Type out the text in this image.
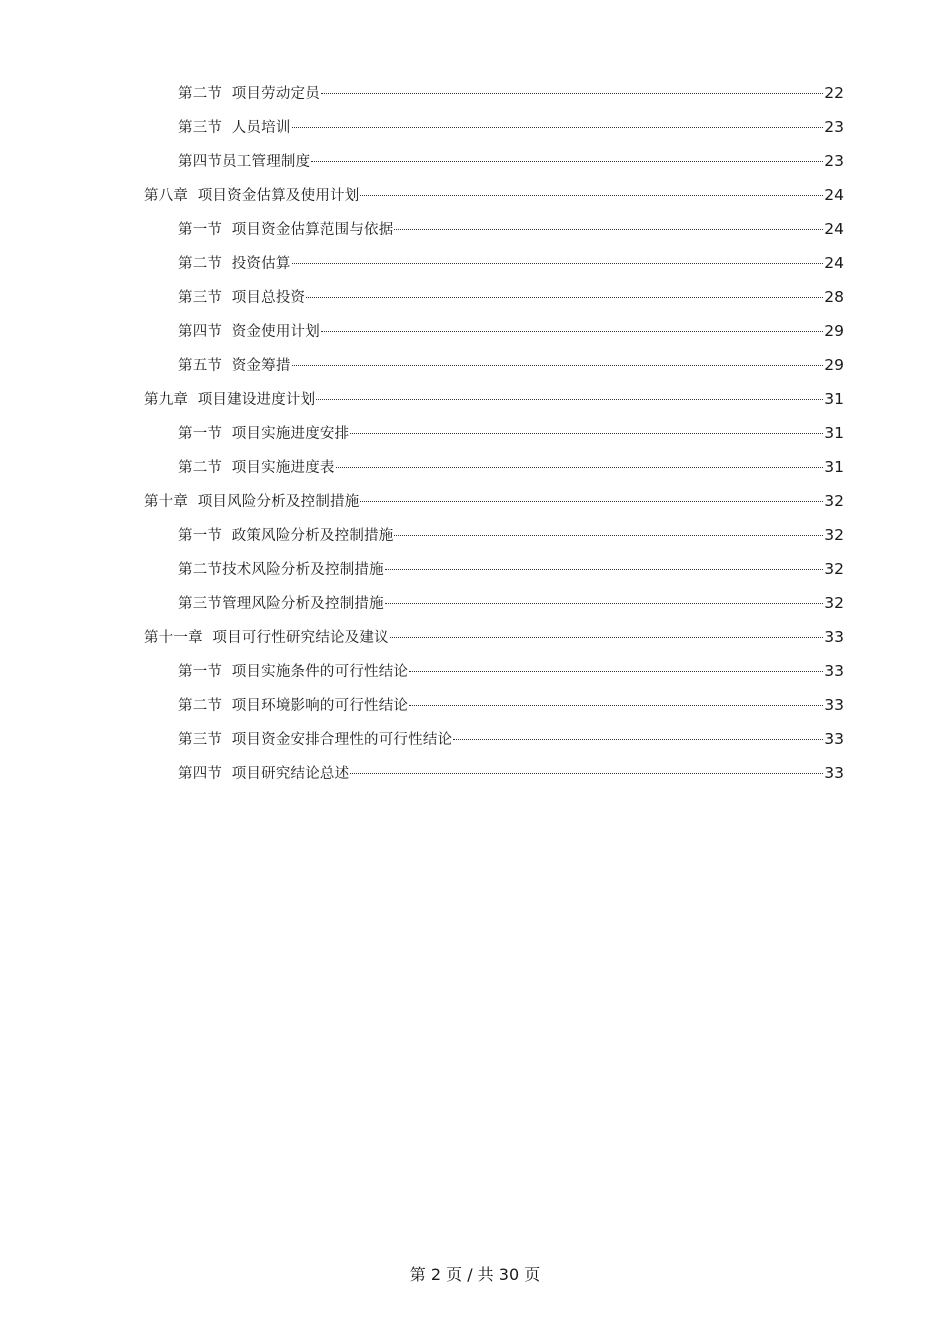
第二节  项目劳动定员	22
第三节  人员培训	23
第四节员工管理制度	23
第八章  项目资金估算及使用计划	24
第一节  项目资金估算范围与依据	24
第二节  投资估算	24
第三节  项目总投资	28
第四节  资金使用计划	29
第五节  资金筹措	29
第九章  项目建设进度计划	31
第一节  项目实施进度安排	31
第二节  项目实施进度表	31
第十章  项目风险分析及控制措施	32
第一节  政策风险分析及控制措施	32
第二节技术风险分析及控制措施	32
第三节管理风险分析及控制措施	32
第十一章  项目可行性研究结论及建议	33
第一节  项目实施条件的可行性结论	33
第二节  项目环境影响的可行性结论	33
第三节  项目资金安排合理性的可行性结论	33
第四节  项目研究结论总述	33
第 2 页 / 共 30 页
